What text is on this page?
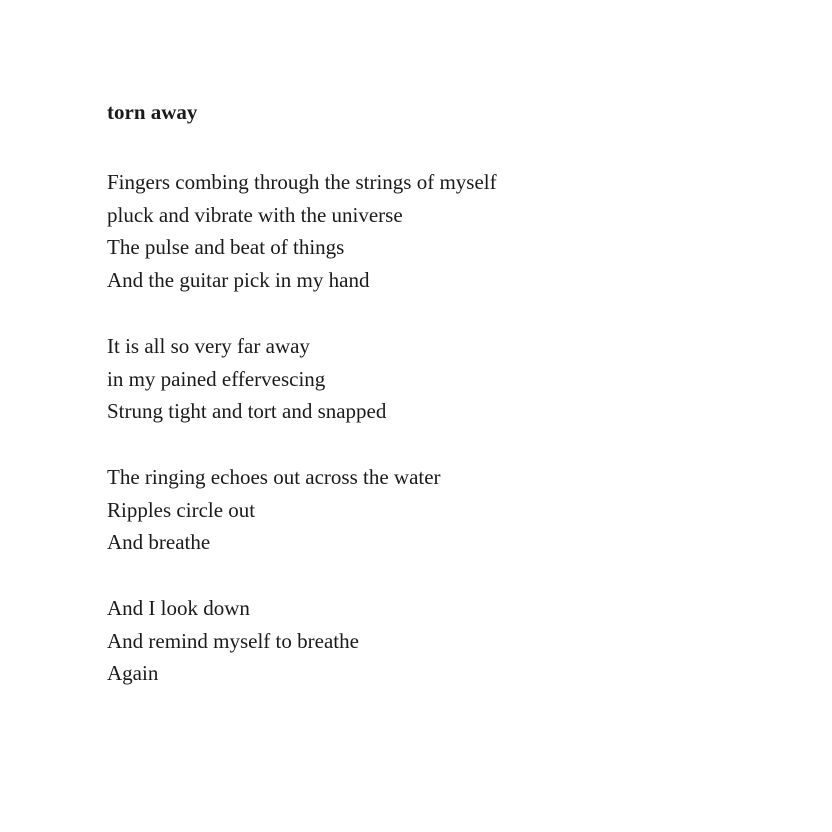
torn away
Fingers combing through the strings of myself
pluck and vibrate with the universe
The pulse and beat of things
And the guitar pick in my hand
It is all so very far away
in my pained effervescing
Strung tight and tort and snapped
The ringing echoes out across the water
Ripples circle out
And breathe
And I look down
And remind myself to breathe
Again
